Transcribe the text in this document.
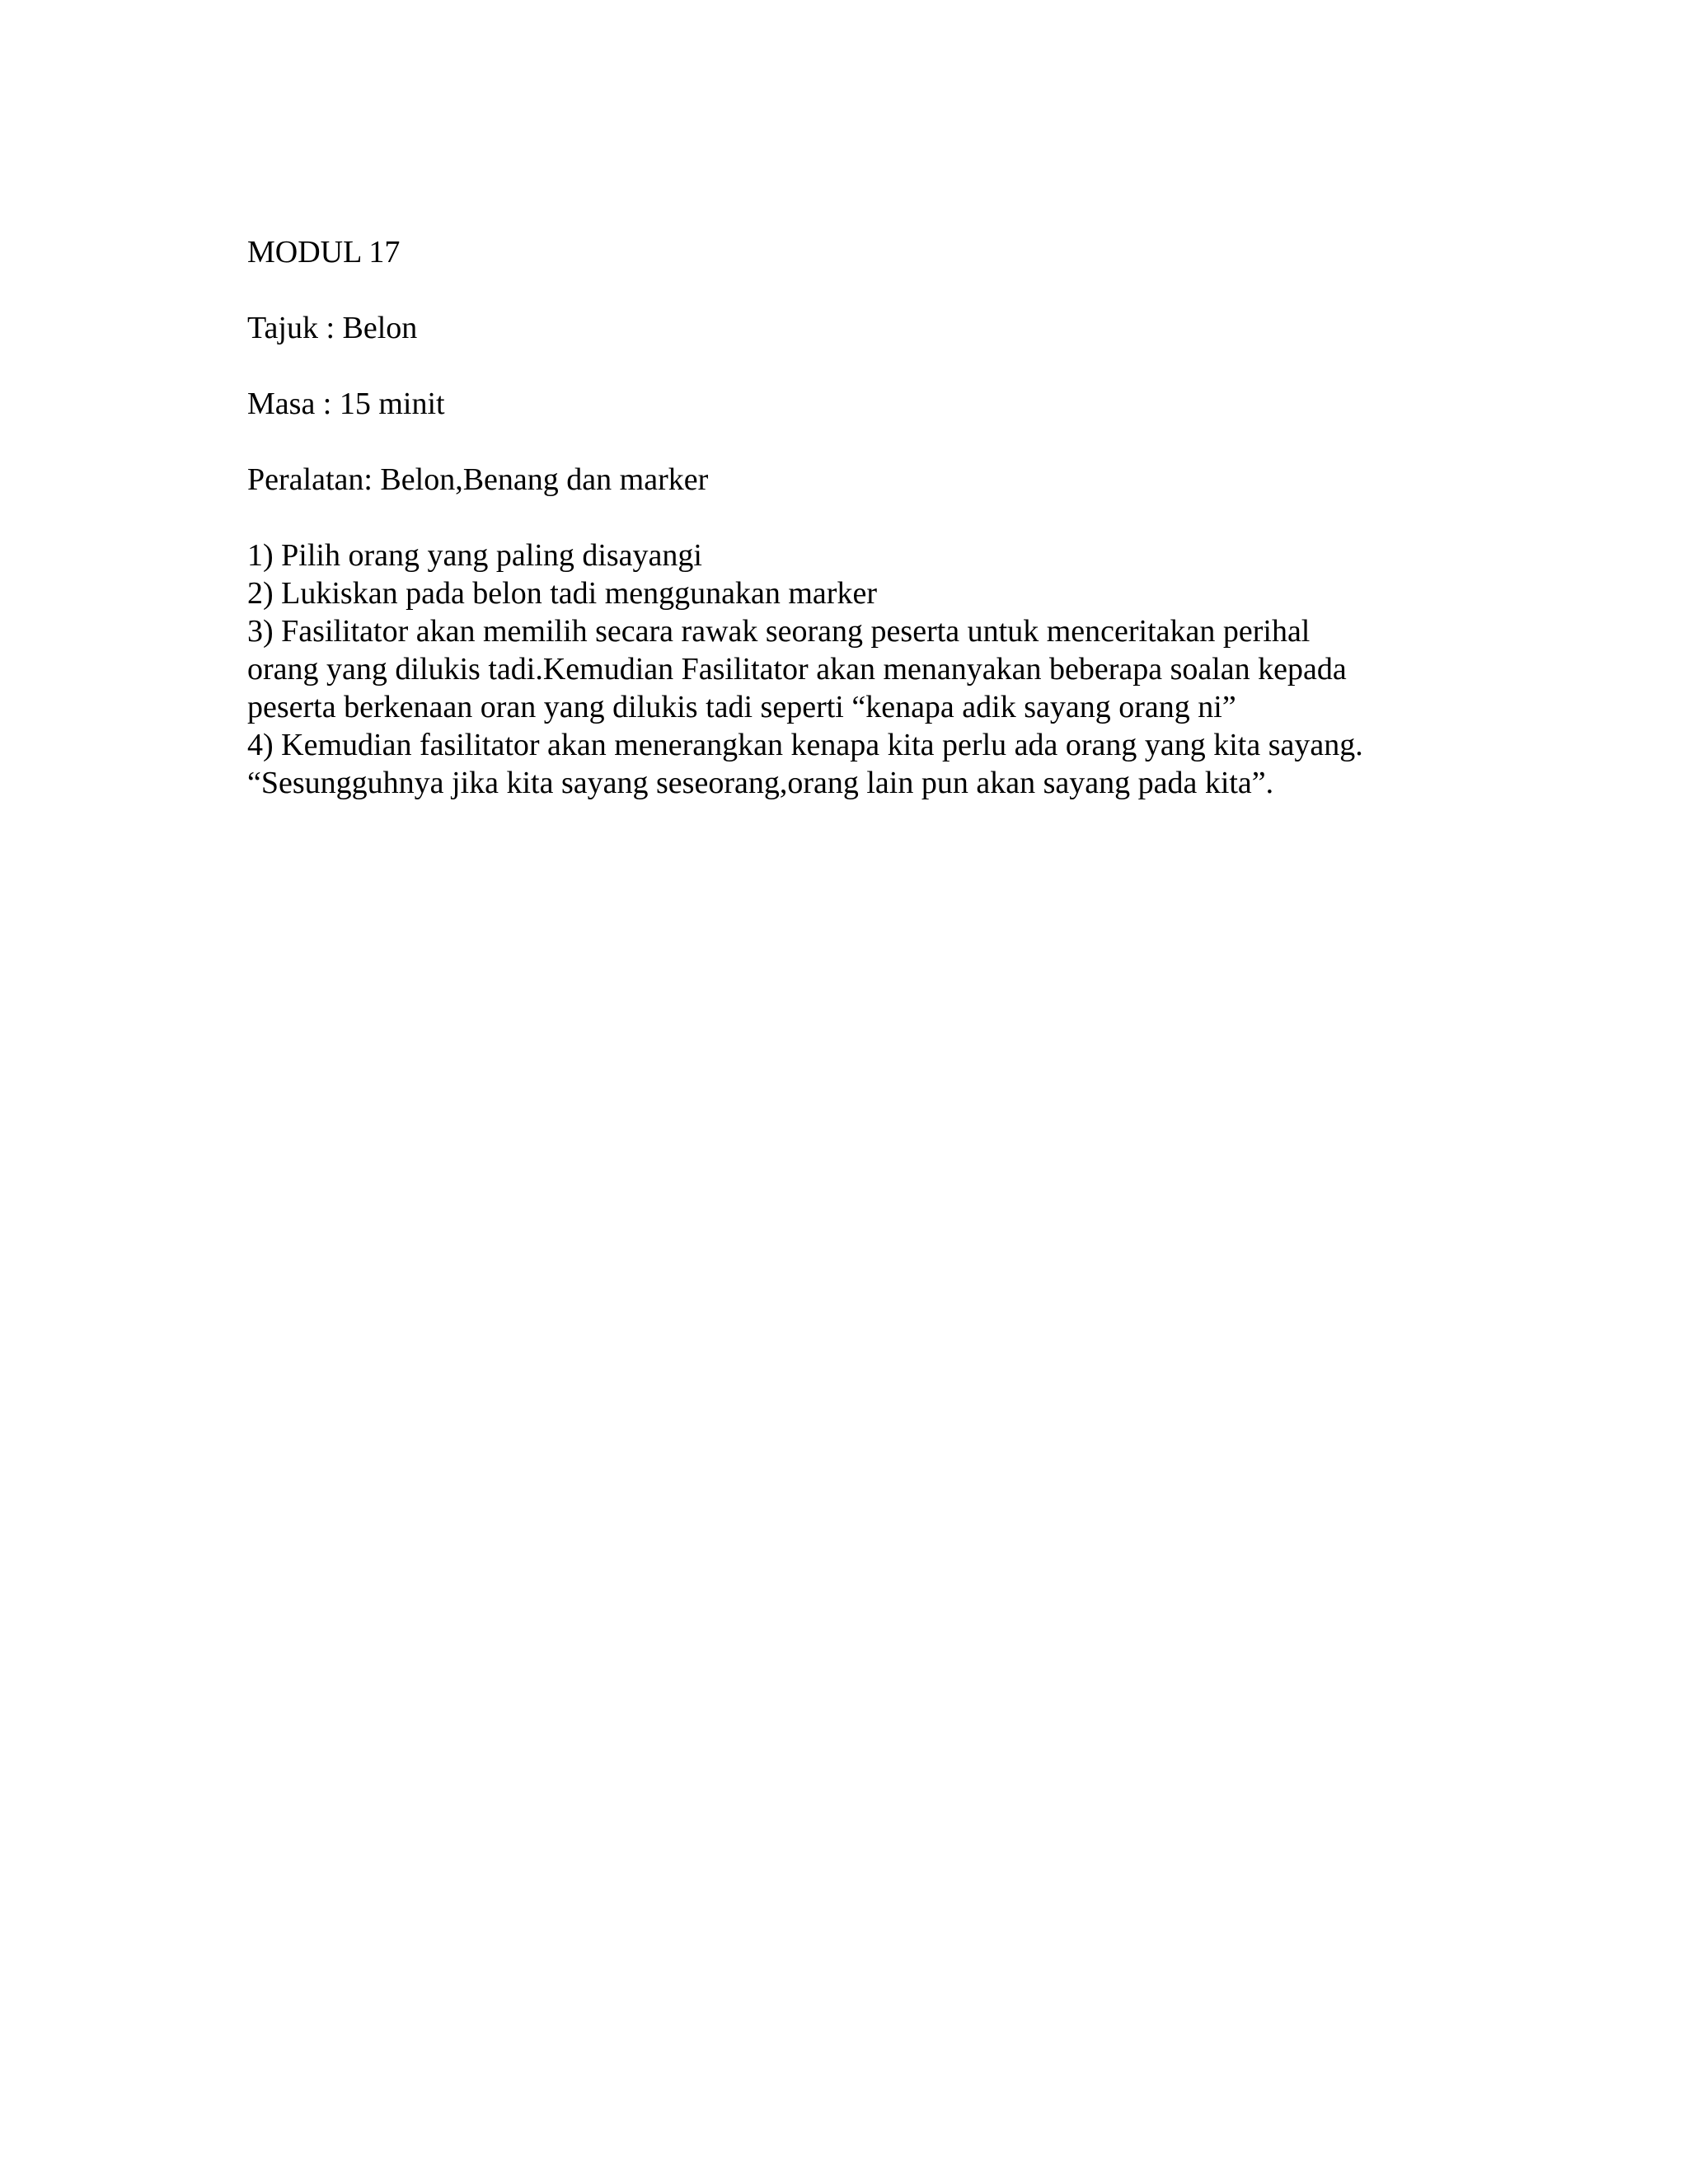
MODUL 17

Tajuk : Belon

Masa : 15 minit

Peralatan: Belon,Benang dan marker

1) Pilih orang yang paling disayangi
2) Lukiskan pada belon tadi menggunakan marker
3) Fasilitator akan memilih secara rawak seorang peserta untuk menceritakan perihal
orang yang dilukis tadi.Kemudian Fasilitator akan menanyakan beberapa soalan kepada
peserta berkenaan oran yang dilukis tadi seperti “kenapa adik sayang orang ni”
4) Kemudian fasilitator akan menerangkan kenapa kita perlu ada orang yang kita sayang.
“Sesungguhnya jika kita sayang seseorang,orang lain pun akan sayang pada kita”.
